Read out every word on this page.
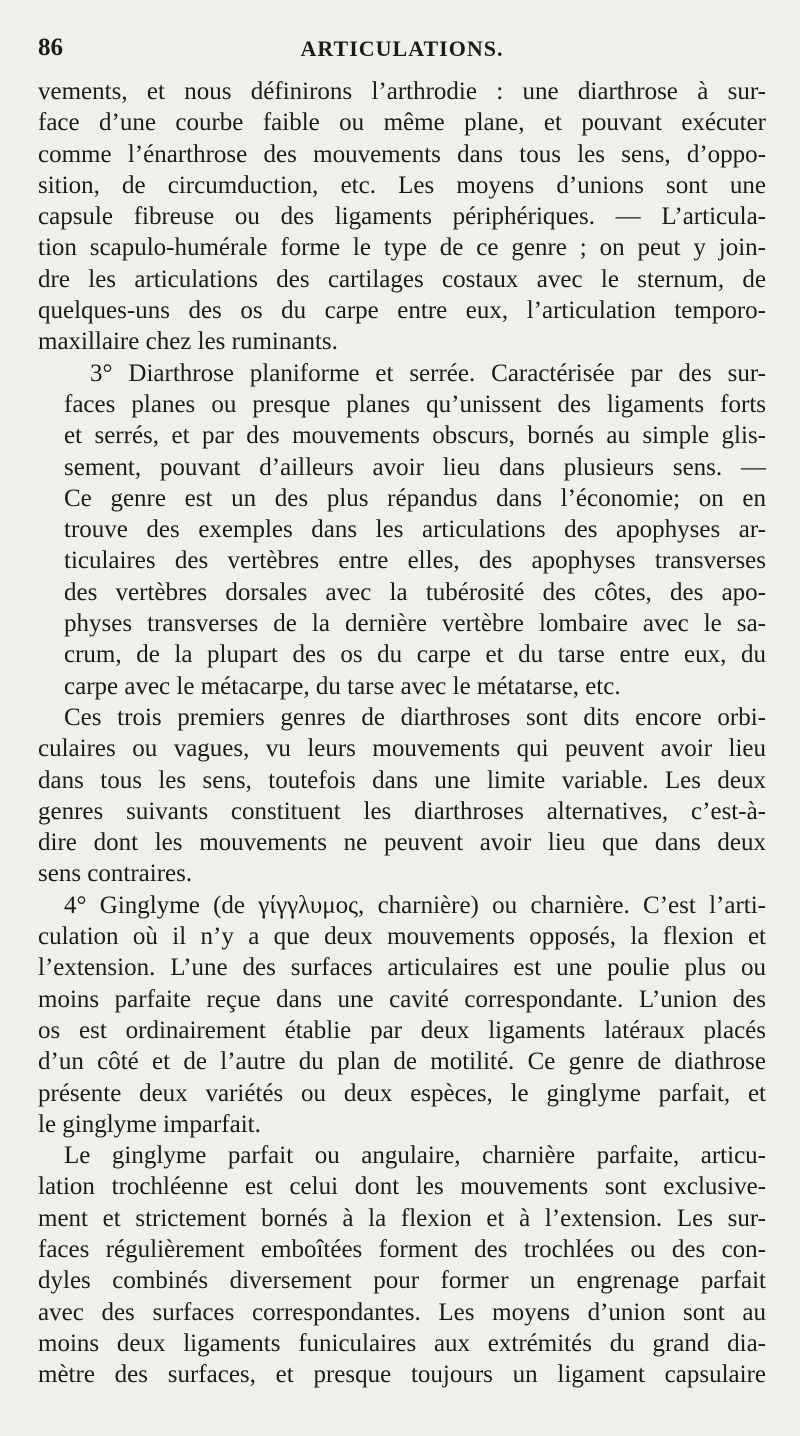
86	ARTICULATIONS.

vements, et nous définirons l’arthrodie : une diarthrose à sur-
face d’une courbe faible ou même plane, et pouvant exécuter
comme l’énarthrose des mouvements dans tous les sens, d’oppo-
sition, de circumduction, etc. Les moyens d’unions sont une
capsule fibreuse ou des ligaments périphériques. — L’articula-
tion scapulo-humérale forme le type de ce genre ; on peut y join-
dre les articulations des cartilages costaux avec le sternum, de
quelques-uns des os du carpe entre eux, l’articulation temporo-
maxillaire chez les ruminants.

3° Diarthrose planiforme et serrée. Caractérisée par des sur-
faces planes ou presque planes qu’unissent des ligaments forts
et serrés, et par des mouvements obscurs, bornés au simple glis-
sement, pouvant d’ailleurs avoir lieu dans plusieurs sens. —
Ce genre est un des plus répandus dans l’économie; on en
trouve des exemples dans les articulations des apophyses ar-
ticulaires des vertèbres entre elles, des apophyses transverses
des vertèbres dorsales avec la tubérosité des côtes, des apo-
physes transverses de la dernière vertèbre lombaire avec le sa-
crum, de la plupart des os du carpe et du tarse entre eux, du
carpe avec le métacarpe, du tarse avec le métatarse, etc.

Ces trois premiers genres de diarthroses sont dits encore orbi-
culaires ou vagues, vu leurs mouvements qui peuvent avoir lieu
dans tous les sens, toutefois dans une limite variable. Les deux
genres suivants constituent les diarthroses alternatives, c’est-à-
dire dont les mouvements ne peuvent avoir lieu que dans deux
sens contraires.

4° Ginglyme (de γίγγλυμος, charnière) ou charnière. C’est l’arti-
culation où il n’y a que deux mouvements opposés, la flexion et
l’extension. L’une des surfaces articulaires est une poulie plus ou
moins parfaite reçue dans une cavité correspondante. L’union des
os est ordinairement établie par deux ligaments latéraux placés
d’un côté et de l’autre du plan de motilité. Ce genre de diathrose
présente deux variétés ou deux espèces, le ginglyme parfait, et
le ginglyme imparfait.

Le ginglyme parfait ou angulaire, charnière parfaite, articu-
lation trochléenne est celui dont les mouvements sont exclusive-
ment et strictement bornés à la flexion et à l’extension. Les sur-
faces régulièrement emboîtées forment des trochlées ou des con-
dyles combinés diversement pour former un engrenage parfait
avec des surfaces correspondantes. Les moyens d’union sont au
moins deux ligaments funiculaires aux extrémités du grand dia-
mètre des surfaces, et presque toujours un ligament capsulaire
